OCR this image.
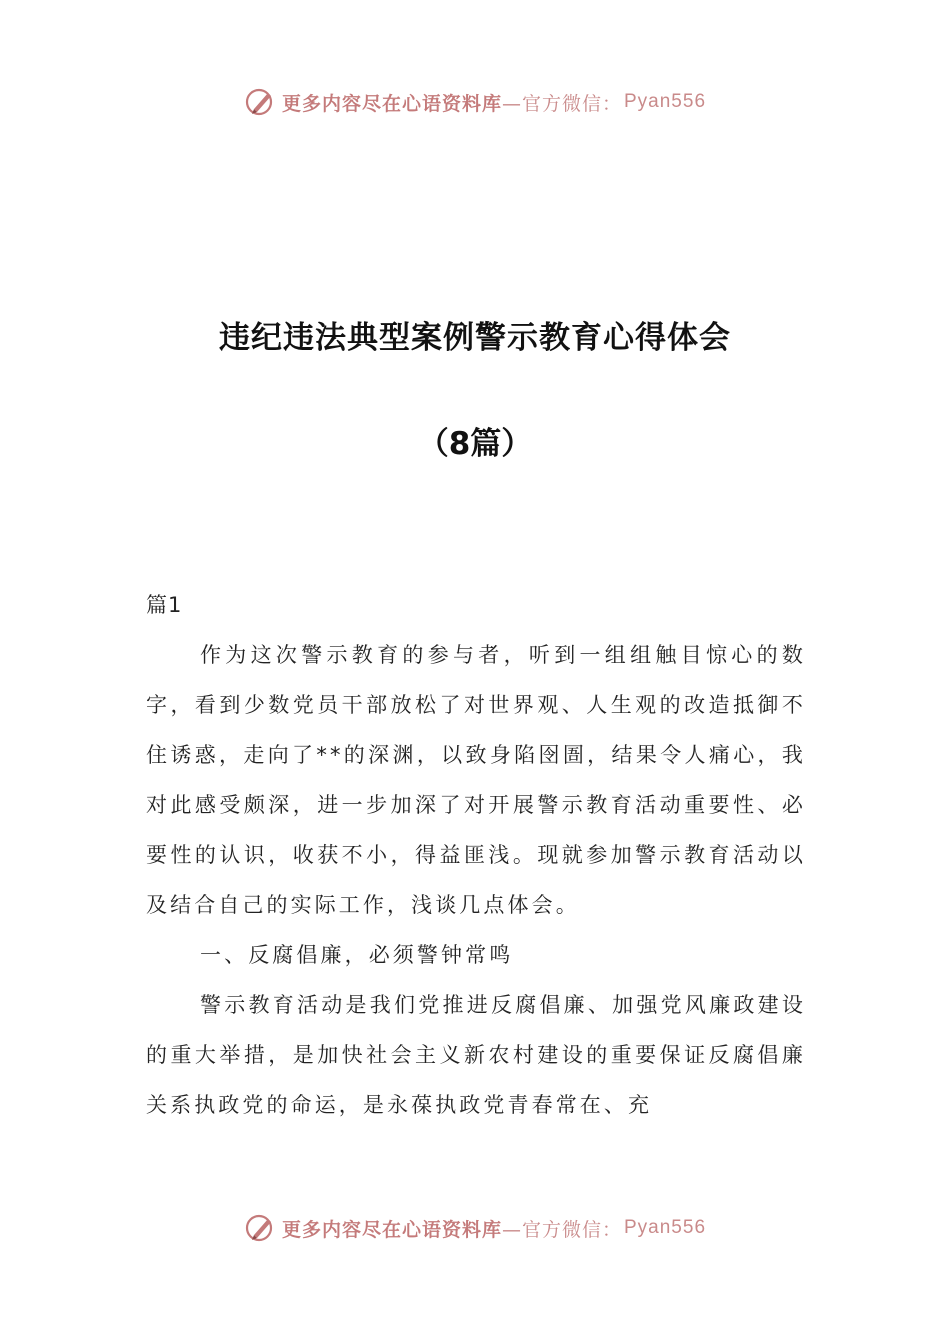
更多内容尽在心语资料库 —官方微信： Pyan556
违纪违法典型案例警示教育心得体会
（8篇）

篇1

作为这次警示教育的参与者，听到一组组触目惊心的数字，看到少数党员干部放松了对世界观、人生观的改造抵御不住诱惑，走向了**的深渊，以致身陷囹圄，结果令人痛心，我对此感受颇深，进一步加深了对开展警示教育活动重要性、必要性的认识，收获不小，得益匪浅。现就参加警示教育活动以及结合自己的实际工作，浅谈几点体会。

一、反腐倡廉，必须警钟常鸣

警示教育活动是我们党推进反腐倡廉、加强党风廉政建设的重大举措，是加快社会主义新农村建设的重要保证反腐倡廉关系执政党的命运，是永葆执政党青春常在、充

更多内容尽在心语资料库 —官方微信： Pyan556
